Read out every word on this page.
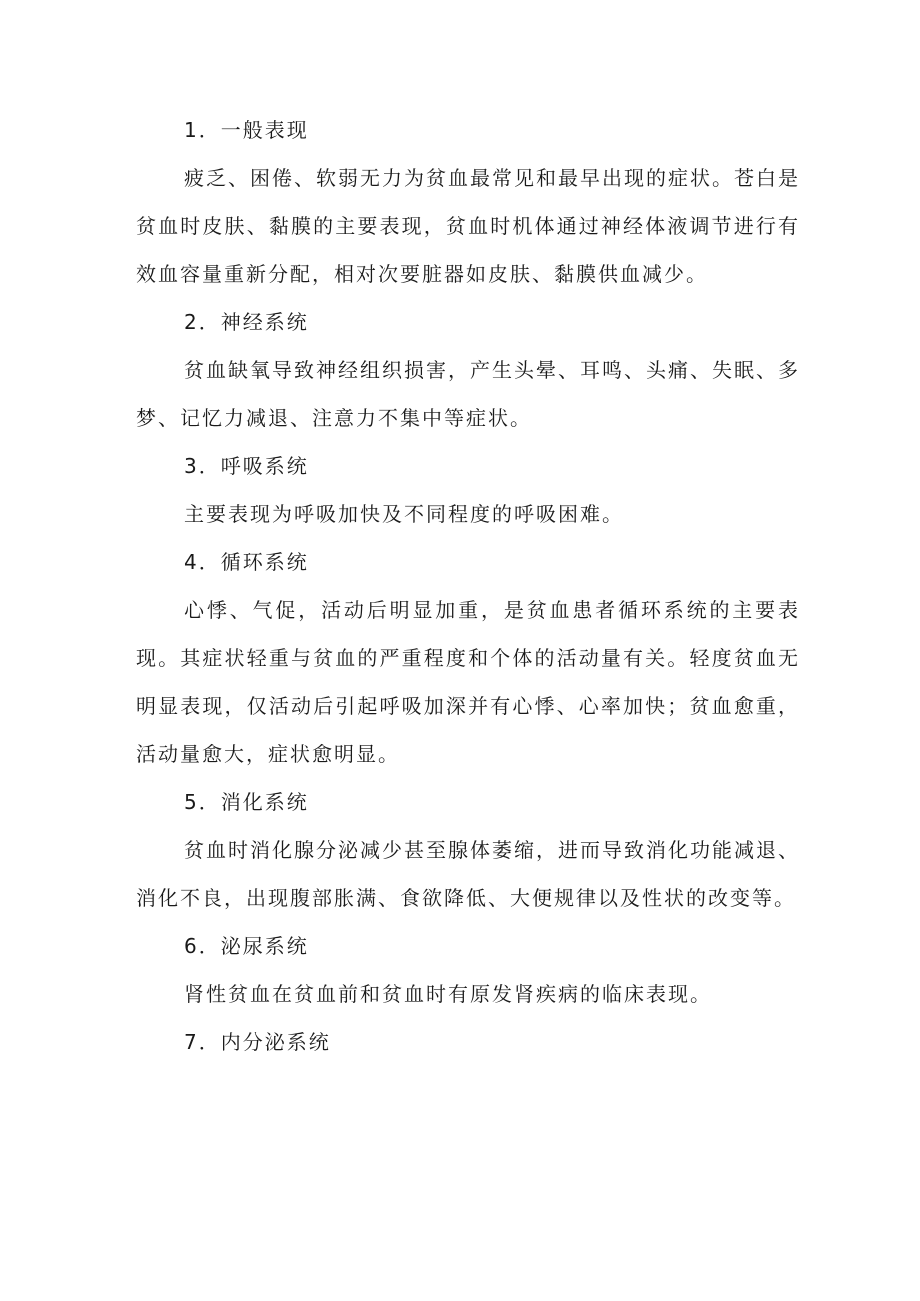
1．一般表现

疲乏、困倦、软弱无力为贫血最常见和最早出现的症状。苍白是贫血时皮肤、黏膜的主要表现，贫血时机体通过神经体液调节进行有效血容量重新分配，相对次要脏器如皮肤、黏膜供血减少。

2．神经系统

贫血缺氧导致神经组织损害，产生头晕、耳鸣、头痛、失眠、多梦、记忆力减退、注意力不集中等症状。

3．呼吸系统

主要表现为呼吸加快及不同程度的呼吸困难。

4．循环系统

心悸、气促，活动后明显加重，是贫血患者循环系统的主要表现。其症状轻重与贫血的严重程度和个体的活动量有关。轻度贫血无明显表现，仅活动后引起呼吸加深并有心悸、心率加快；贫血愈重，活动量愈大，症状愈明显。

5．消化系统

贫血时消化腺分泌减少甚至腺体萎缩，进而导致消化功能减退、消化不良，出现腹部胀满、食欲降低、大便规律以及性状的改变等。

6．泌尿系统

肾性贫血在贫血前和贫血时有原发肾疾病的临床表现。

7．内分泌系统
